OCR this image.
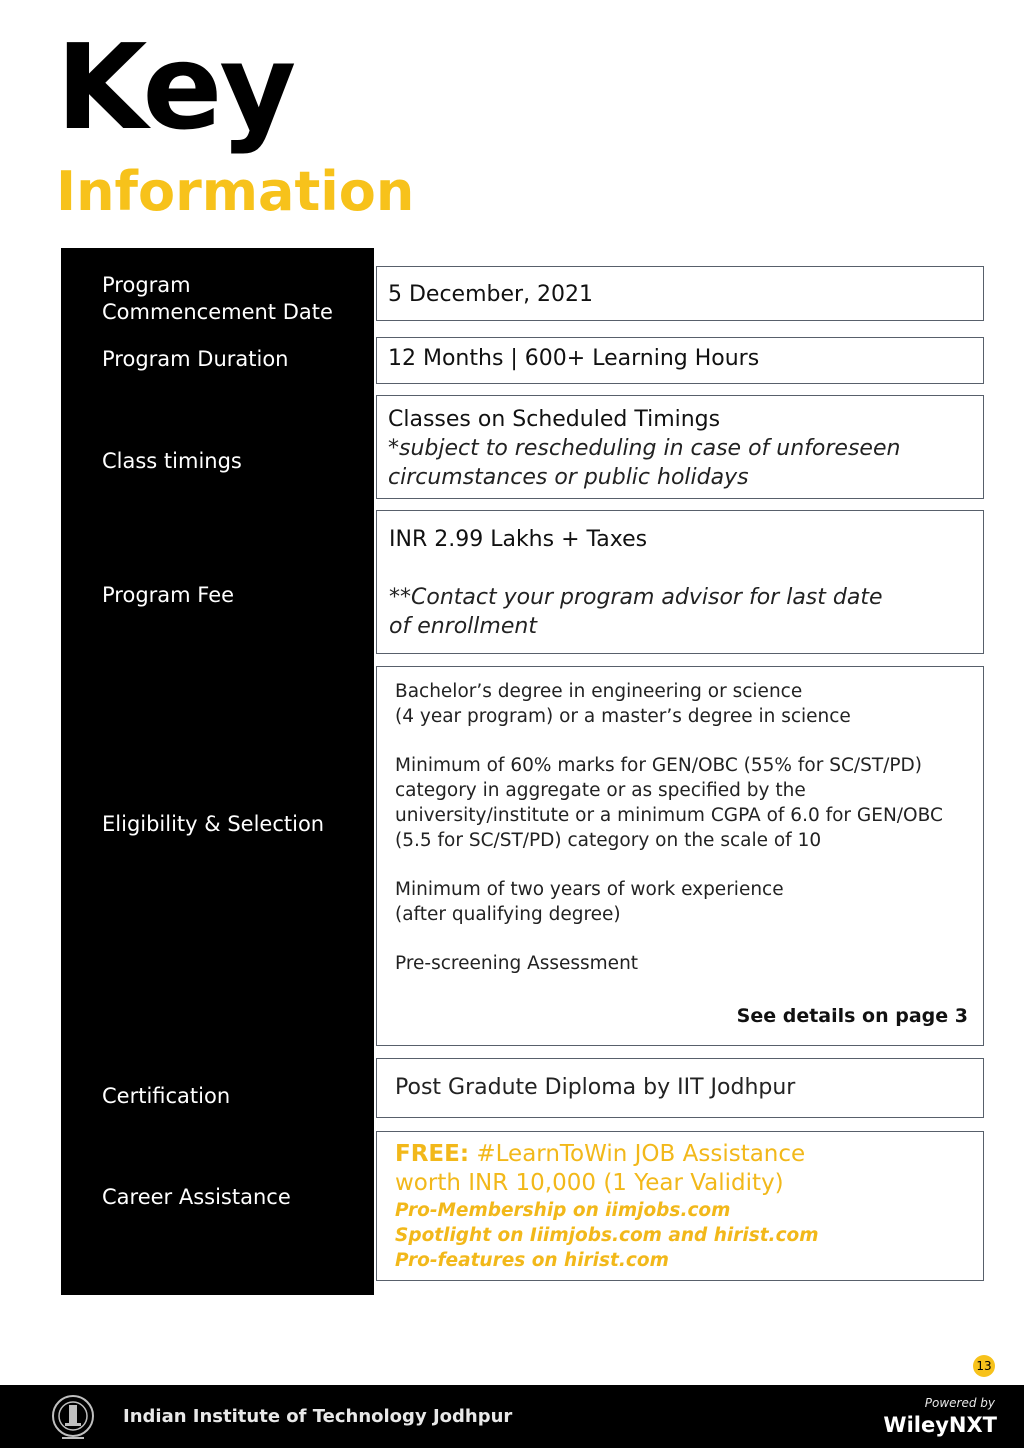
Key
Information
Program
Commencement Date
Program Duration
Class timings
Program Fee
Eligibility & Selection
Certification
Career Assistance
5 December, 2021
12 Months | 600+ Learning Hours
Classes on Scheduled Timings
*subject to rescheduling in case of unforeseen
circumstances or public holidays
INR 2.99 Lakhs + Taxes
**Contact your program advisor for last date
of enrollment
Bachelor’s degree in engineering or science
(4 year program) or a master’s degree in science
Minimum of 60% marks for GEN/OBC (55% for SC/ST/PD)
category in aggregate or as specified by the
university/institute or a minimum CGPA of 6.0 for GEN/OBC
(5.5 for SC/ST/PD) category on the scale of 10
Minimum of two years of work experience
(after qualifying degree)
Pre-screening Assessment
See details on page 3
Post Gradute Diploma by IIT Jodhpur
FREE: #LearnToWin JOB Assistance
worth INR 10,000 (1 Year Validity)
Pro-Membership on iimjobs.com
Spotlight on Iiimjobs.com and hirist.com
Pro-features on hirist.com
13
Indian Institute of Technology Jodhpur
Powered by
WileyNXT
